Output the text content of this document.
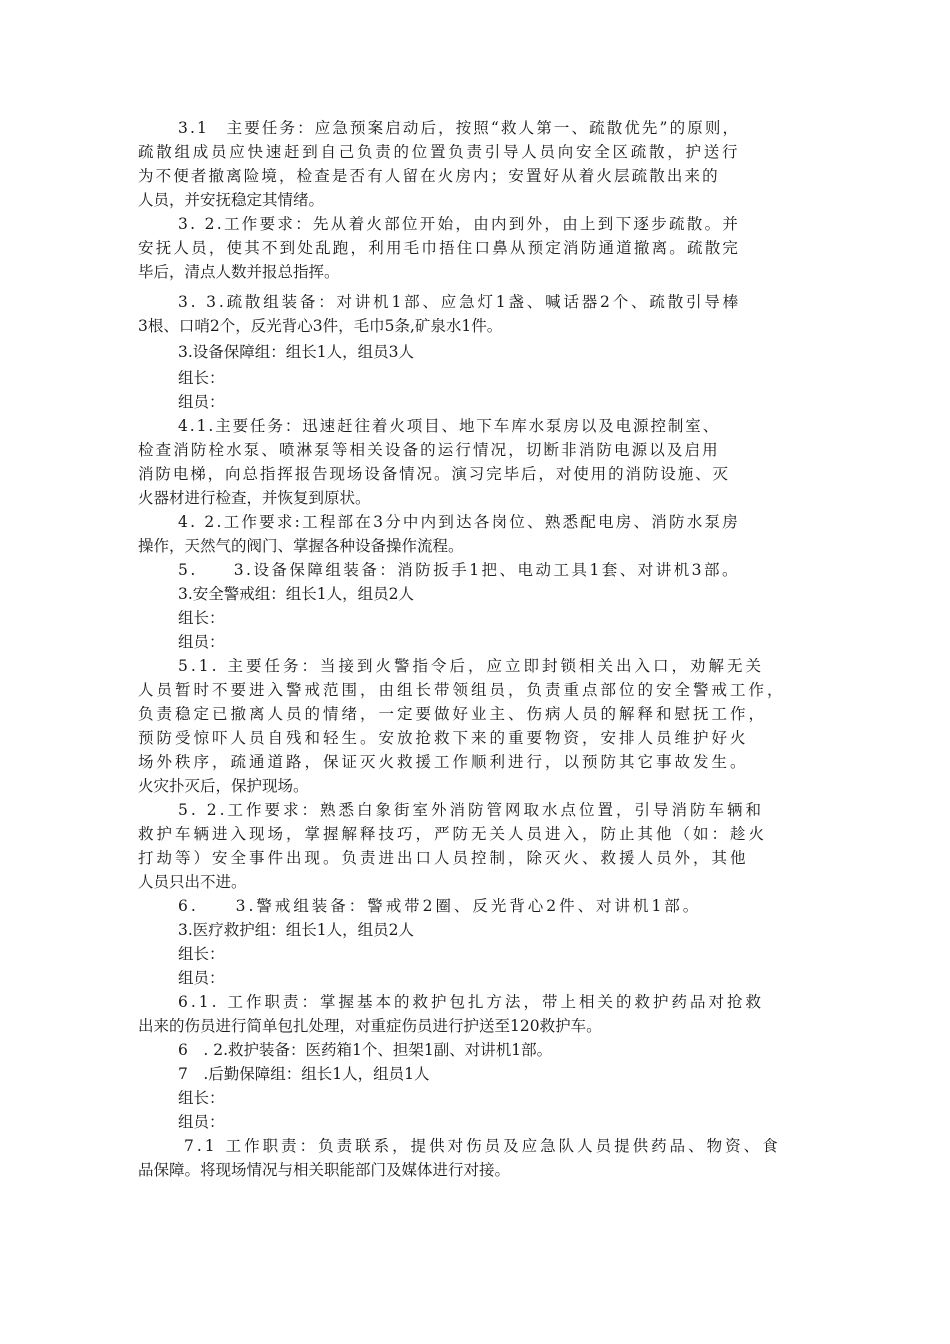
3.1　主要任务：应急预案启动后，按照“救人第一、疏散优先”的原则，

疏散组成员应快速赶到自己负责的位置负责引导人员向安全区疏散，护送行

为不便者撤离险境，检查是否有人留在火房内；安置好从着火层疏散出来的

人员，并安抚稳定其情绪。

3. 2.工作要求：先从着火部位开始，由内到外，由上到下逐步疏散。并

安抚人员，使其不到处乱跑，利用毛巾捂住口鼻从预定消防通道撤离。疏散完

毕后，清点人数并报总指挥。

3. 3.疏散组装备：对讲机1部、应急灯1盏、喊话器2个、疏散引导棒

3根、口哨2个，反光背心3件，毛巾5条,矿泉水1件。

3.设备保障组：组长1人，组员3人

组长：

组员：

4.1.主要任务：迅速赶往着火项目、地下车库水泵房以及电源控制室、

检查消防栓水泵、喷淋泵等相关设备的运行情况，切断非消防电源以及启用

消防电梯，向总指挥报告现场设备情况。演习完毕后，对使用的消防设施、灭

火器材进行检查，并恢复到原状。

4. 2.工作要求:工程部在3分中内到达各岗位、熟悉配电房、消防水泵房

操作，天然气的阀门、掌握各种设备操作流程。

5.　　3.设备保障组装备：消防扳手1把、电动工具1套、对讲机3部。

3.安全警戒组：组长1人，组员2人

组长：

组员：

5.1. 主要任务：当接到火警指令后，应立即封锁相关出入口，劝解无关

人员暂时不要进入警戒范围，由组长带领组员，负责重点部位的安全警戒工作，

负责稳定已撤离人员的情绪，一定要做好业主、伤病人员的解释和慰抚工作，

预防受惊吓人员自残和轻生。安放抢救下来的重要物资，安排人员维护好火

场外秩序，疏通道路，保证灭火救援工作顺利进行，以预防其它事故发生。

火灾扑灭后，保护现场。

5. 2.工作要求：熟悉白象街室外消防管网取水点位置，引导消防车辆和

救护车辆进入现场，掌握解释技巧，严防无关人员进入，防止其他（如：趁火

打劫等）安全事件出现。负责进出口人员控制，除灭火、救援人员外，其他

人员只出不进。

6.　　3.警戒组装备：警戒带2圈、反光背心2件、对讲机1部。

3.医疗救护组：组长1人，组员2人

组长：

组员：

6.1. 工作职责：掌握基本的救护包扎方法，带上相关的救护药品对抢救

出来的伤员进行简单包扎处理，对重症伤员进行护送至120救护车。

6　. 2.救护装备：医药箱1个、担架1副、对讲机1部。

7　.后勤保障组：组长1人，组员1人

组长：

组员：

7.1 工作职责：负责联系，提供对伤员及应急队人员提供药品、物资、食

品保障。将现场情况与相关职能部门及媒体进行对接。
